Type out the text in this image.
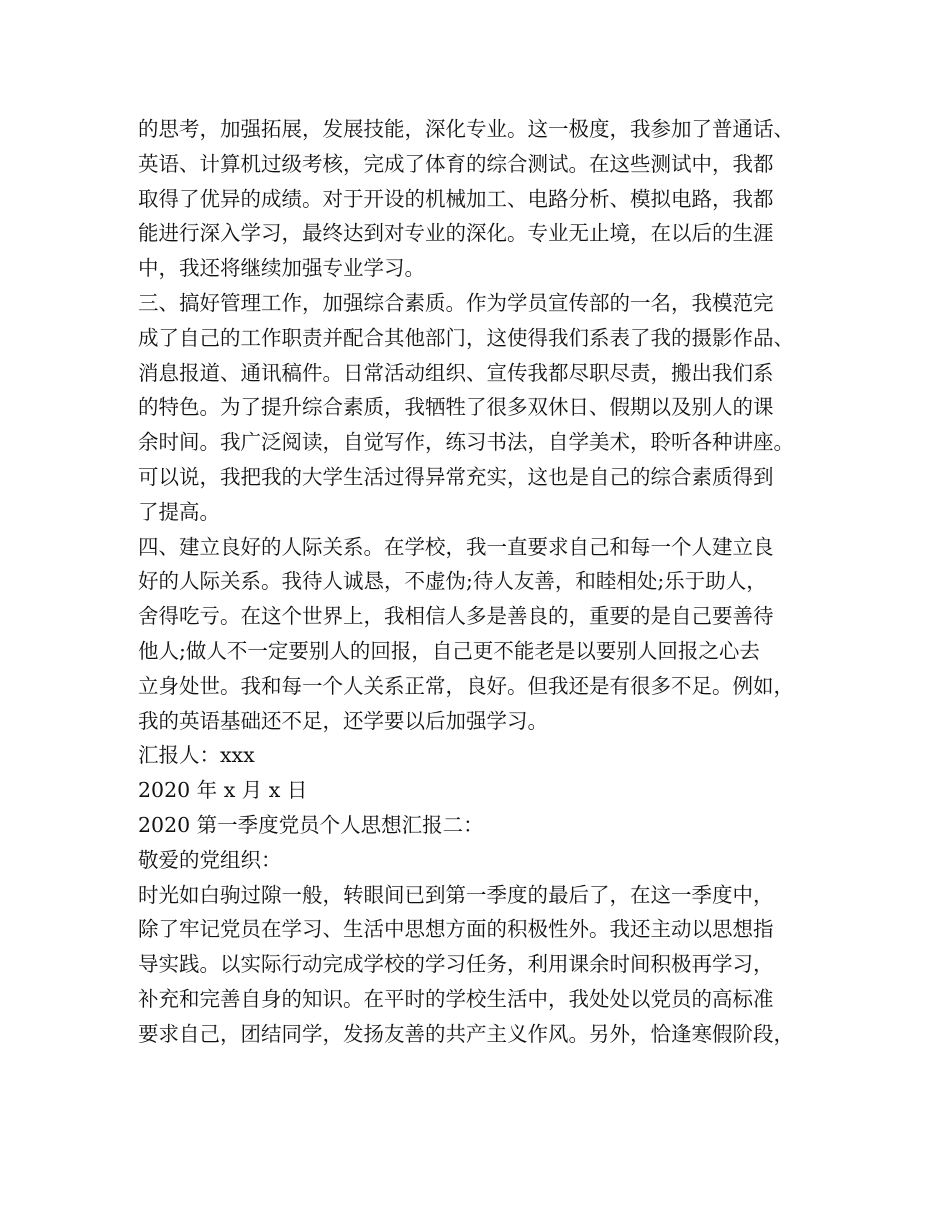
的思考，加强拓展，发展技能，深化专业。这一极度，我参加了普通话、
英语、计算机过级考核，完成了体育的综合测试。在这些测试中，我都
取得了优异的成绩。对于开设的机械加工、电路分析、模拟电路，我都
能进行深入学习，最终达到对专业的深化。专业无止境，在以后的生涯
中，我还将继续加强专业学习。
三、搞好管理工作，加强综合素质。作为学员宣传部的一名，我模范完
成了自己的工作职责并配合其他部门，这使得我们系表了我的摄影作品、
消息报道、通讯稿件。日常活动组织、宣传我都尽职尽责，搬出我们系
的特色。为了提升综合素质，我牺牲了很多双休日、假期以及别人的课
余时间。我广泛阅读，自觉写作，练习书法，自学美术，聆听各种讲座。
可以说，我把我的大学生活过得异常充实，这也是自己的综合素质得到
了提高。
四、建立良好的人际关系。在学校，我一直要求自己和每一个人建立良
好的人际关系。我待人诚恳，不虚伪;待人友善，和睦相处;乐于助人，
舍得吃亏。在这个世界上，我相信人多是善良的，重要的是自己要善待
他人;做人不一定要别人的回报，自己更不能老是以要别人回报之心去
立身处世。我和每一个人关系正常，良好。但我还是有很多不足。例如，
我的英语基础还不足，还学要以后加强学习。
汇报人：xxx
2020 年 x 月 x 日
2020 第一季度党员个人思想汇报二：
敬爱的党组织：
时光如白驹过隙一般，转眼间已到第一季度的最后了，在这一季度中，
除了牢记党员在学习、生活中思想方面的积极性外。我还主动以思想指
导实践。以实际行动完成学校的学习任务，利用课余时间积极再学习，
补充和完善自身的知识。在平时的学校生活中，我处处以党员的高标准
要求自己，团结同学，发扬友善的共产主义作风。另外，恰逢寒假阶段，
